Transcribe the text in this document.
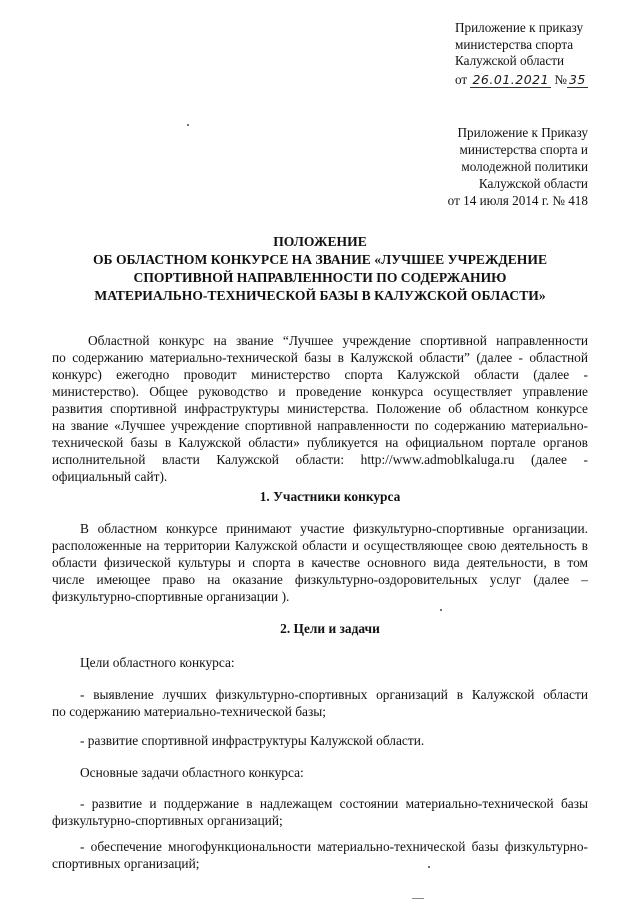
Приложение к приказу
министерства спорта
Калужской области
от 26.01.2021 № 35
Приложение к Приказу
министерства спорта и
молодежной политики
Калужской области
от 14 июля 2014 г. № 418
ПОЛОЖЕНИЕ
ОБ ОБЛАСТНОМ КОНКУРСЕ НА ЗВАНИЕ «ЛУЧШЕЕ УЧРЕЖДЕНИЕ
СПОРТИВНОЙ НАПРАВЛЕННОСТИ ПО СОДЕРЖАНИЮ
МАТЕРИАЛЬНО-ТЕХНИЧЕСКОЙ БАЗЫ В КАЛУЖСКОЙ ОБЛАСТИ»
Областной конкурс на звание “Лучшее учреждение спортивной направленности
по содержанию материально-технической базы в Калужской области” (далее - областной
конкурс) ежегодно проводит министерство спорта Калужской области (далее -
министерство). Общее руководство и проведение конкурса осуществляет управление
развития спортивной инфраструктуры министерства. Положение об областном конкурсе
на звание «Лучшее учреждение спортивной направленности по содержанию материально-
технической базы в Калужской области» публикуется на официальном портале органов
исполнительной власти Калужской области: http://www.admoblkaluga.ru (далее -
официальный сайт).
1. Участники конкурса
В областном конкурсе принимают участие физкультурно-спортивные организации.
расположенные на территории Калужской области и осуществляющее свою деятельность в
области физической культуры и спорта в качестве основного вида деятельности, в том
числе имеющее право на оказание физкультурно-оздоровительных услуг (далее –
физкультурно-спортивные организации ).
2. Цели и задачи
Цели областного конкурса:
- выявление лучших физкультурно-спортивных организаций в Калужской области
по содержанию материально-технической базы;
- развитие спортивной инфраструктуры Калужской области.
Основные задачи областного конкурса:
- развитие и поддержание в надлежащем состоянии материально-технической базы
физкультурно-спортивных организаций;
- обеспечение многофункциональности материально-технической базы физкультурно-
спортивных организаций;
